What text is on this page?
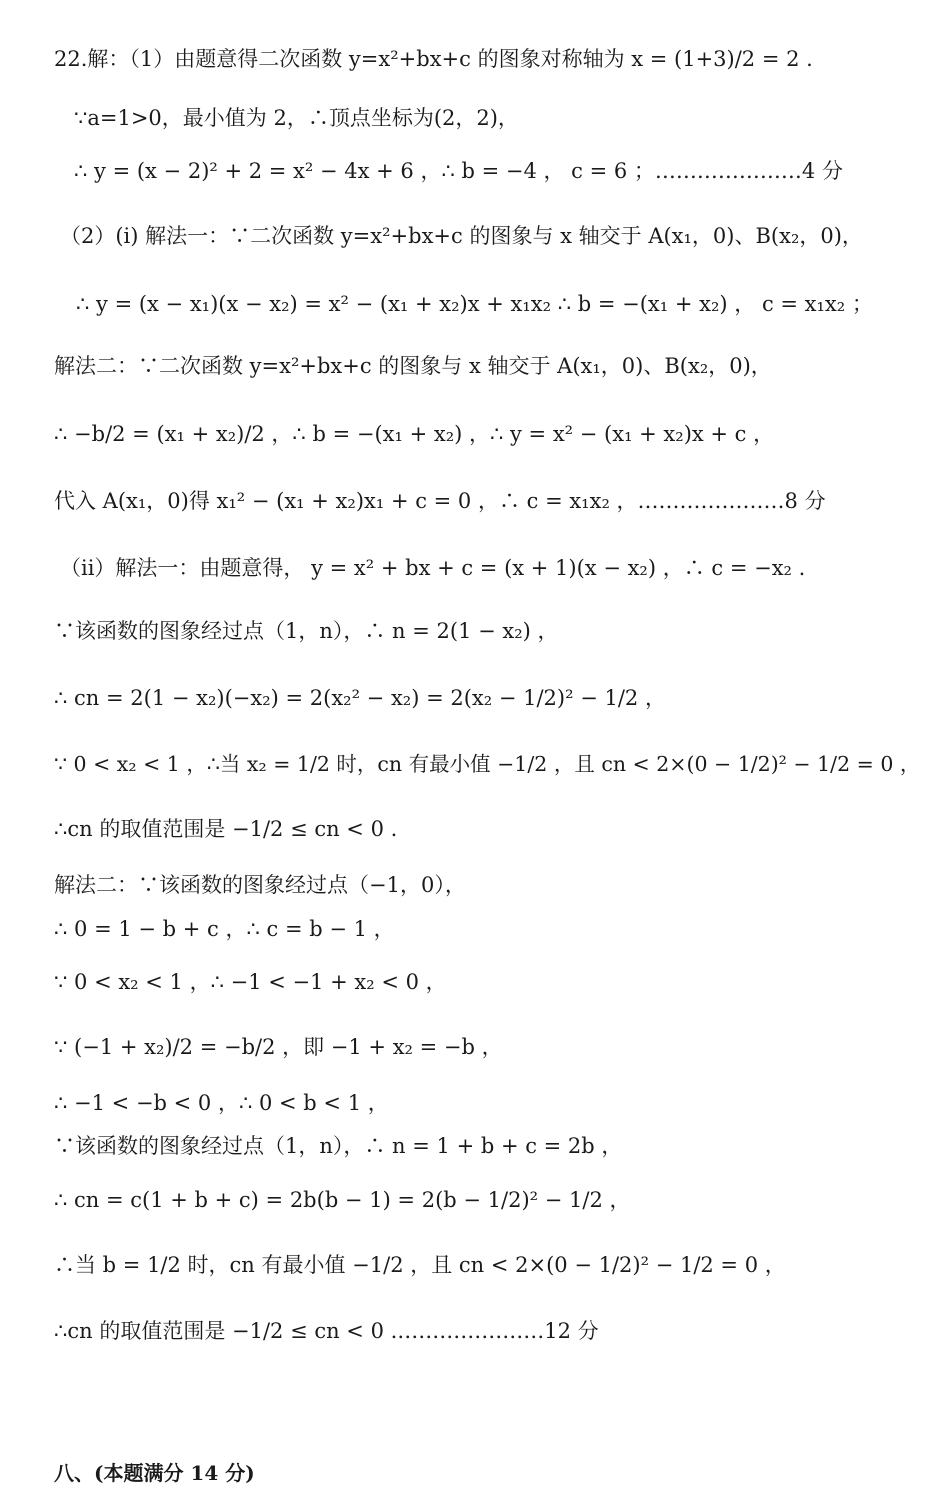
22.解：（1）由题意得二次函数 y=x²+bx+c 的图象对称轴为 x = (1+3)/2 = 2 .
∵a=1>0，最小值为 2，∴顶点坐标为(2，2)，
∴ y = (x − 2)² + 2 = x² − 4x + 6 ，∴ b = −4 ， c = 6 ；…………………4 分
（2）(i) 解法一：∵二次函数 y=x²+bx+c 的图象与 x 轴交于 A(x₁，0)、B(x₂，0)，
∴ y = (x − x₁)(x − x₂) = x² − (x₁ + x₂)x + x₁x₂ ∴ b = −(x₁ + x₂) ， c = x₁x₂ ；
解法二：∵二次函数 y=x²+bx+c 的图象与 x 轴交于 A(x₁，0)、B(x₂，0)，
∴ −b/2 = (x₁ + x₂)/2 ，∴ b = −(x₁ + x₂) ，∴ y = x² − (x₁ + x₂)x + c ，
代入 A(x₁，0)得 x₁² − (x₁ + x₂)x₁ + c = 0 ，∴ c = x₁x₂ ，…………………8 分
（ii）解法一：由题意得， y = x² + bx + c = (x + 1)(x − x₂) ，∴ c = −x₂ .
∵该函数的图象经过点（1，n），∴ n = 2(1 − x₂) ，
∴ cn = 2(1 − x₂)(−x₂) = 2(x₂² − x₂) = 2(x₂ − 1/2)² − 1/2 ，
∵ 0 < x₂ < 1 ，∴当 x₂ = 1/2 时，cn 有最小值 −1/2 ，且 cn < 2×(0 − 1/2)² − 1/2 = 0 ，
∴cn 的取值范围是 −1/2 ≤ cn < 0 .
解法二：∵该函数的图象经过点（−1，0），
∴ 0 = 1 − b + c ，∴ c = b − 1 ，
∵ 0 < x₂ < 1 ，∴ −1 < −1 + x₂ < 0 ，
∵ (−1 + x₂)/2 = −b/2 ，即 −1 + x₂ = −b ，
∴ −1 < −b < 0 ，∴ 0 < b < 1 ，
∵该函数的图象经过点（1，n），∴ n = 1 + b + c = 2b ，
∴ cn = c(1 + b + c) = 2b(b − 1) = 2(b − 1/2)² − 1/2 ，
∴当 b = 1/2 时，cn 有最小值 −1/2 ，且 cn < 2×(0 − 1/2)² − 1/2 = 0 ，
∴cn 的取值范围是 −1/2 ≤ cn < 0 .…………………12 分
八、(本题满分 14 分)
